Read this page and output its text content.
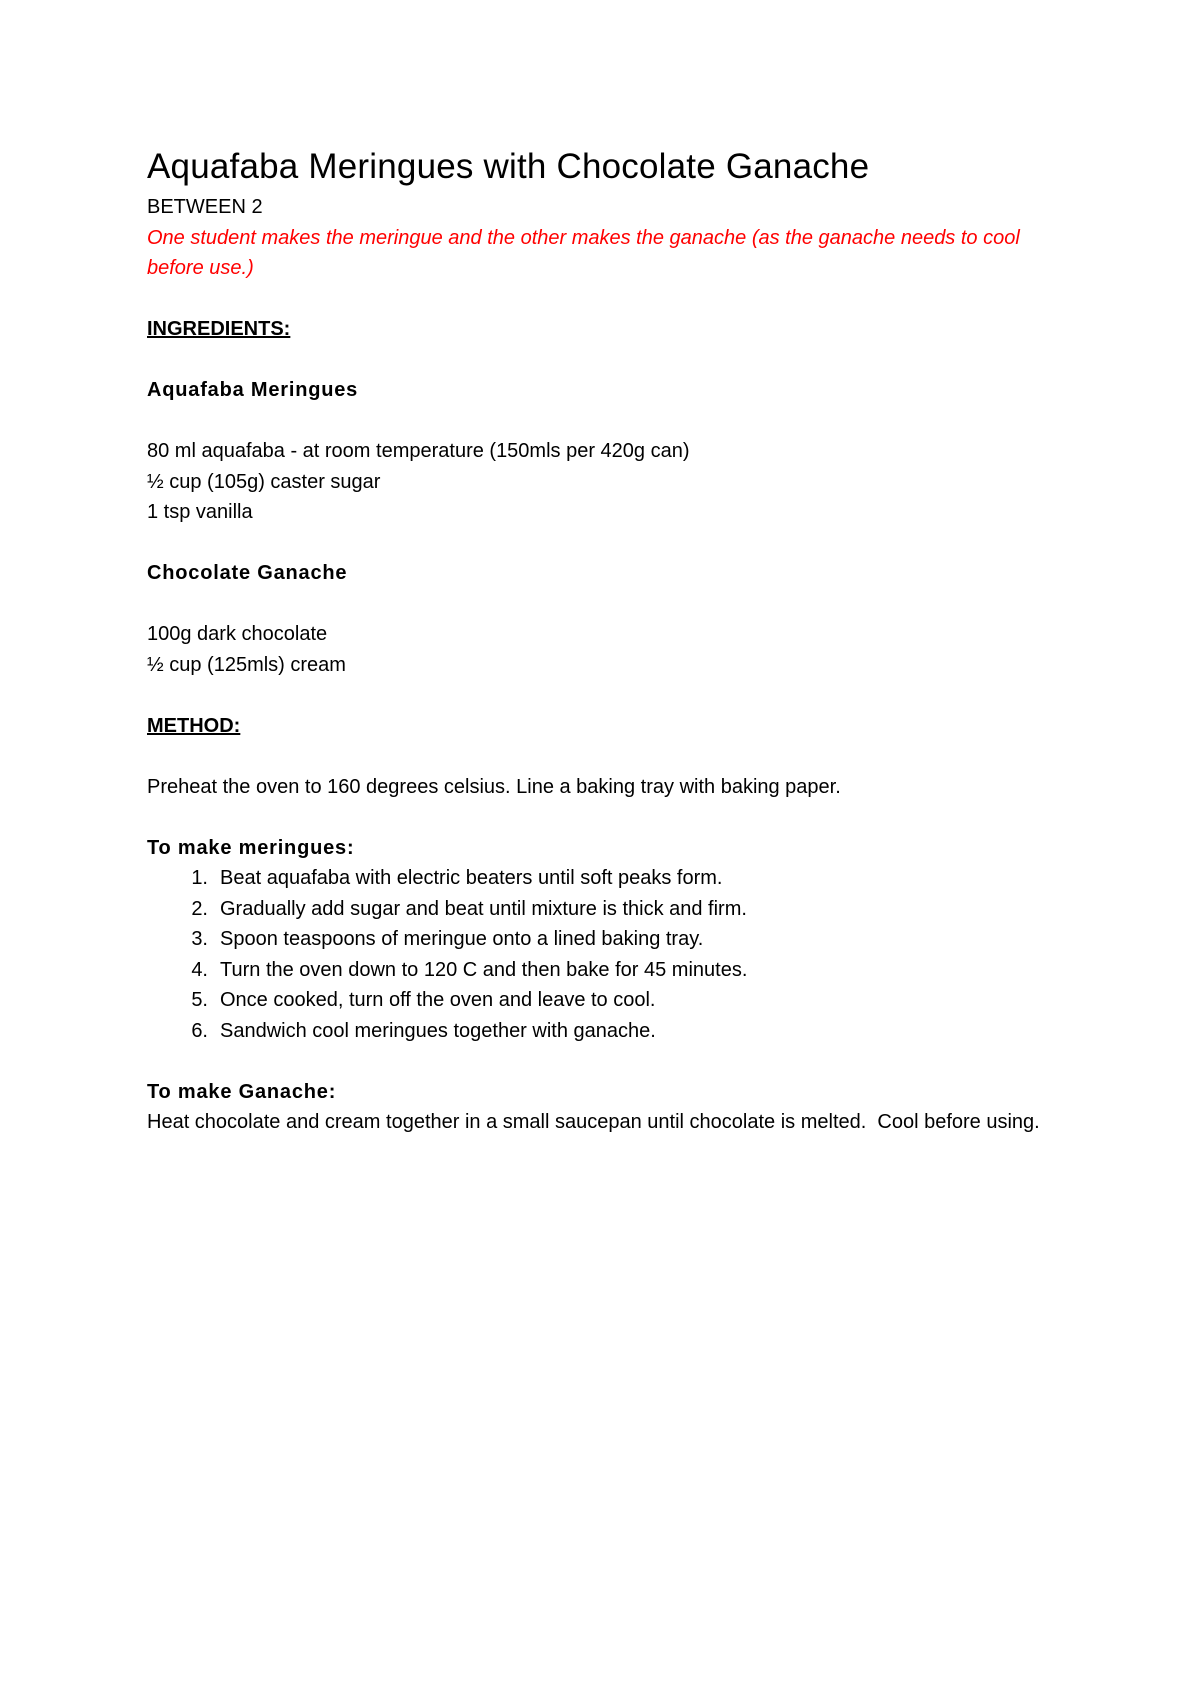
Aquafaba Meringues with Chocolate Ganache

BETWEEN 2

One student makes the meringue and the other makes the ganache (as the ganache needs to cool before use.)

INGREDIENTS:

Aquafaba Meringues

80 ml aquafaba - at room temperature (150mls per 420g can)

½ cup (105g) caster sugar

1 tsp vanilla

Chocolate Ganache

100g dark chocolate

½ cup (125mls) cream

METHOD:

Preheat the oven to 160 degrees celsius. Line a baking tray with baking paper.

To make meringues:

1. Beat aquafaba with electric beaters until soft peaks form.
2. Gradually add sugar and beat until mixture is thick and firm.
3. Spoon teaspoons of meringue onto a lined baking tray.
4. Turn the oven down to 120 C and then bake for 45 minutes.
5. Once cooked, turn off the oven and leave to cool.
6. Sandwich cool meringues together with ganache.

To make Ganache:

Heat chocolate and cream together in a small saucepan until chocolate is melted.  Cool before using.
